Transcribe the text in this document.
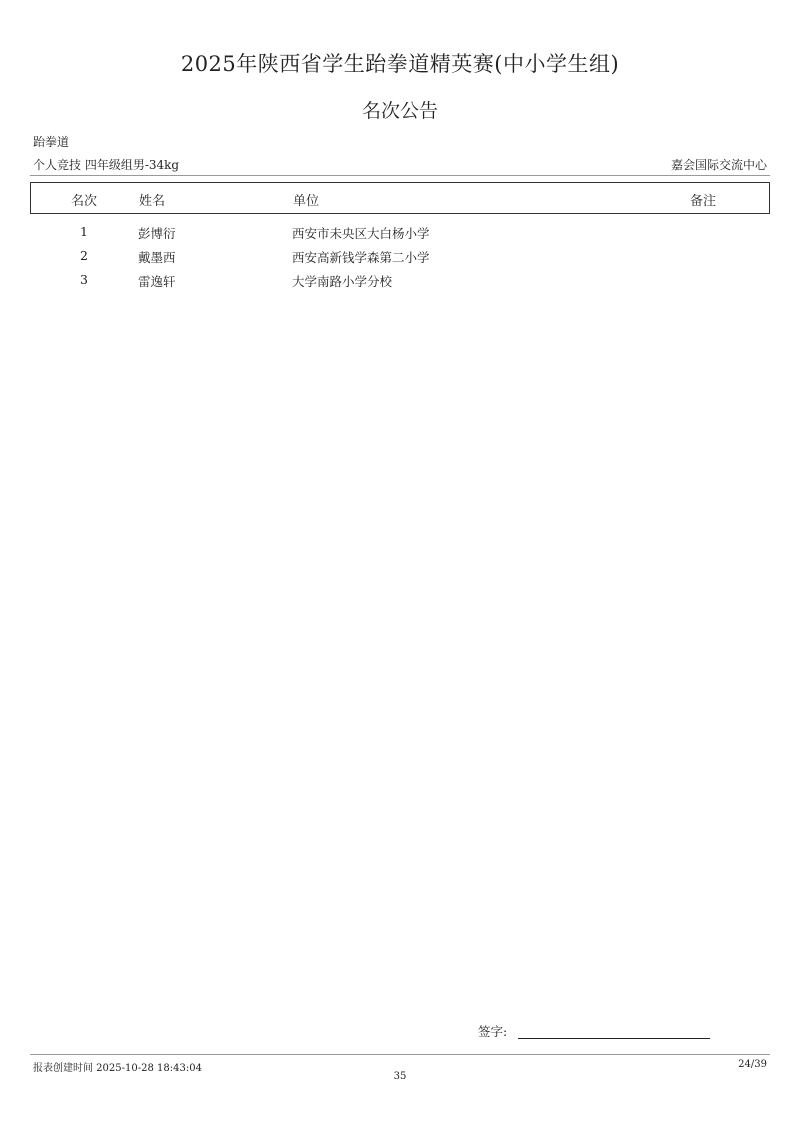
2025年陕西省学生跆拳道精英赛(中小学生组)
名次公告
跆拳道
个人竞技 四年级组男-34kg	嘉会国际交流中心
名次	姓名	单位	备注
1	彭博衍	西安市未央区大白杨小学
2	戴墨西	西安高新钱学森第二小学
3	雷逸轩	大学南路小学分校
签字:
报表创建时间 2025-10-28 18:43:04	24/39
35
